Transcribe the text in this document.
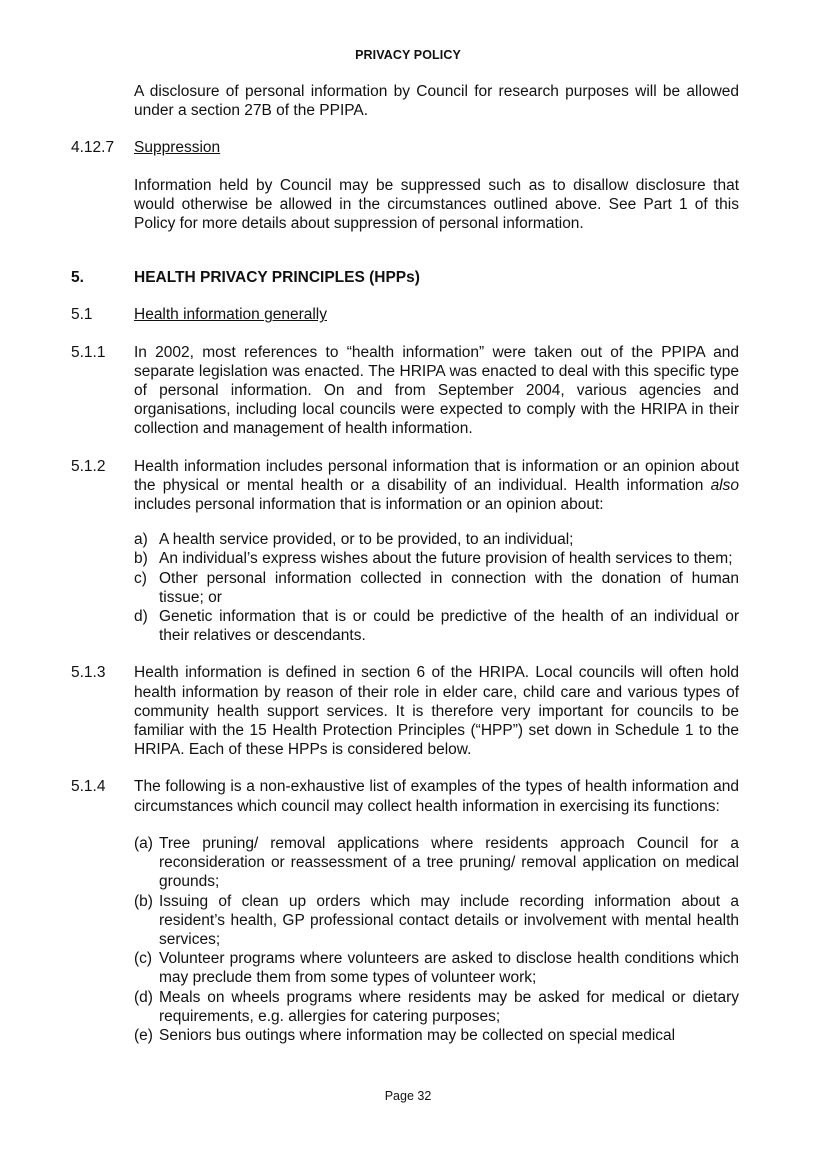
PRIVACY POLICY
A disclosure of personal information by Council for research purposes will be allowed under a section 27B of the PPIPA.
4.12.7	Suppression
Information held by Council may be suppressed such as to disallow disclosure that would otherwise be allowed in the circumstances outlined above. See Part 1 of this Policy for more details about suppression of personal information.
5.	HEALTH PRIVACY PRINCIPLES (HPPs)
5.1	Health information generally
5.1.1	In 2002, most references to “health information” were taken out of the PPIPA and separate legislation was enacted. The HRIPA was enacted to deal with this specific type of personal information. On and from September 2004, various agencies and organisations, including local councils were expected to comply with the HRIPA in their collection and management of health information.
5.1.2	Health information includes personal information that is information or an opinion about the physical or mental health or a disability of an individual. Health information also includes personal information that is information or an opinion about:
a) A health service provided, or to be provided, to an individual;
b) An individual’s express wishes about the future provision of health services to them;
c) Other personal information collected in connection with the donation of human tissue; or
d) Genetic information that is or could be predictive of the health of an individual or their relatives or descendants.
5.1.3	Health information is defined in section 6 of the HRIPA. Local councils will often hold health information by reason of their role in elder care, child care and various types of community health support services. It is therefore very important for councils to be familiar with the 15 Health Protection Principles (“HPP”) set down in Schedule 1 to the HRIPA. Each of these HPPs is considered below.
5.1.4	The following is a non-exhaustive list of examples of the types of health information and circumstances which council may collect health information in exercising its functions:
(a) Tree pruning/ removal applications where residents approach Council for a reconsideration or reassessment of a tree pruning/ removal application on medical grounds;
(b) Issuing of clean up orders which may include recording information about a resident’s health, GP professional contact details or involvement with mental health services;
(c) Volunteer programs where volunteers are asked to disclose health conditions which may preclude them from some types of volunteer work;
(d) Meals on wheels programs where residents may be asked for medical or dietary requirements, e.g. allergies for catering purposes;
(e) Seniors bus outings where information may be collected on special medical
Page 32
